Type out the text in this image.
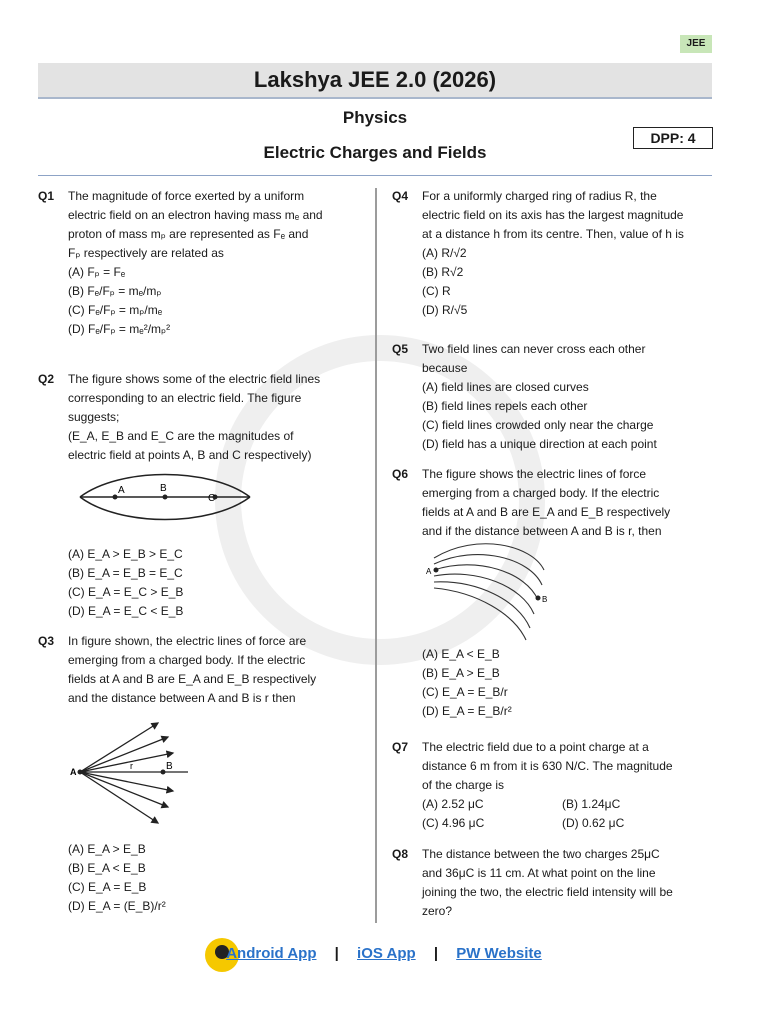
JEE
Lakshya JEE 2.0 (2026)
Physics
Electric Charges and Fields
DPP: 4
Q1 The magnitude of force exerted by a uniform

electric field on an electron having mass mₑ and

proton of mass mₚ are represented as Fₑ and

Fₚ respectively are related as

(A) Fₚ = Fₑ

(B) Fₑ/Fₚ = mₑ/mₚ

(C) Fₑ/Fₚ = mₚ/mₑ

(D) Fₑ/Fₚ = mₑ²/mₚ²

Q2 The figure shows some of the electric field lines

corresponding to an electric field. The figure

suggests;

(E_A, E_B and E_C are the magnitudes of

electric field at points A, B and C respectively)

A	B
C

(A) E_A > E_B > E_C

(B) E_A = E_B = E_C

(C) E_A = E_C > E_B

(D) E_A = E_C < E_B

Q3 In figure shown, the electric lines of force are

emerging from a charged body. If the electric

fields at A and B are E_A and E_B respectively

and the distance between A and B is r then

A
r	B

(A) E_A > E_B

(B) E_A < E_B

(C) E_A = E_B

(D) E_A = (E_B)/r²

Q4 For a uniformly charged ring of radius R, the

electric field on its axis has the largest magnitude

at a distance h from its centre. Then, value of h is

(A) R/√2

(B) R√2

(C) R

(D) R/√5

Q5 Two field lines can never cross each other

because

(A) field lines are closed curves

(B) field lines repels each other

(C) field lines crowded only near the charge

(D) field has a unique direction at each point

Q6 The figure shows the electric lines of force

emerging from a charged body. If the electric

fields at A and B are E_A and E_B respectively

and if the distance between A and B is r, then

A
B

(A) E_A < E_B

(B) E_A > E_B

(C) E_A = E_B/r

(D) E_A = E_B/r²

Q7 The electric field due to a point charge at a

distance 6 m from it is 630 N/C. The magnitude

of the charge is

(A) 2.52 μC	(B) 1.24μC
(C) 4.96 μC	(D) 0.62 μC
Q8 The distance between the two charges 25μC

and 36μC is 11 cm. At what point on the line

joining the two, the electric field intensity will be

zero?

Android App | iOS App | PW Website
